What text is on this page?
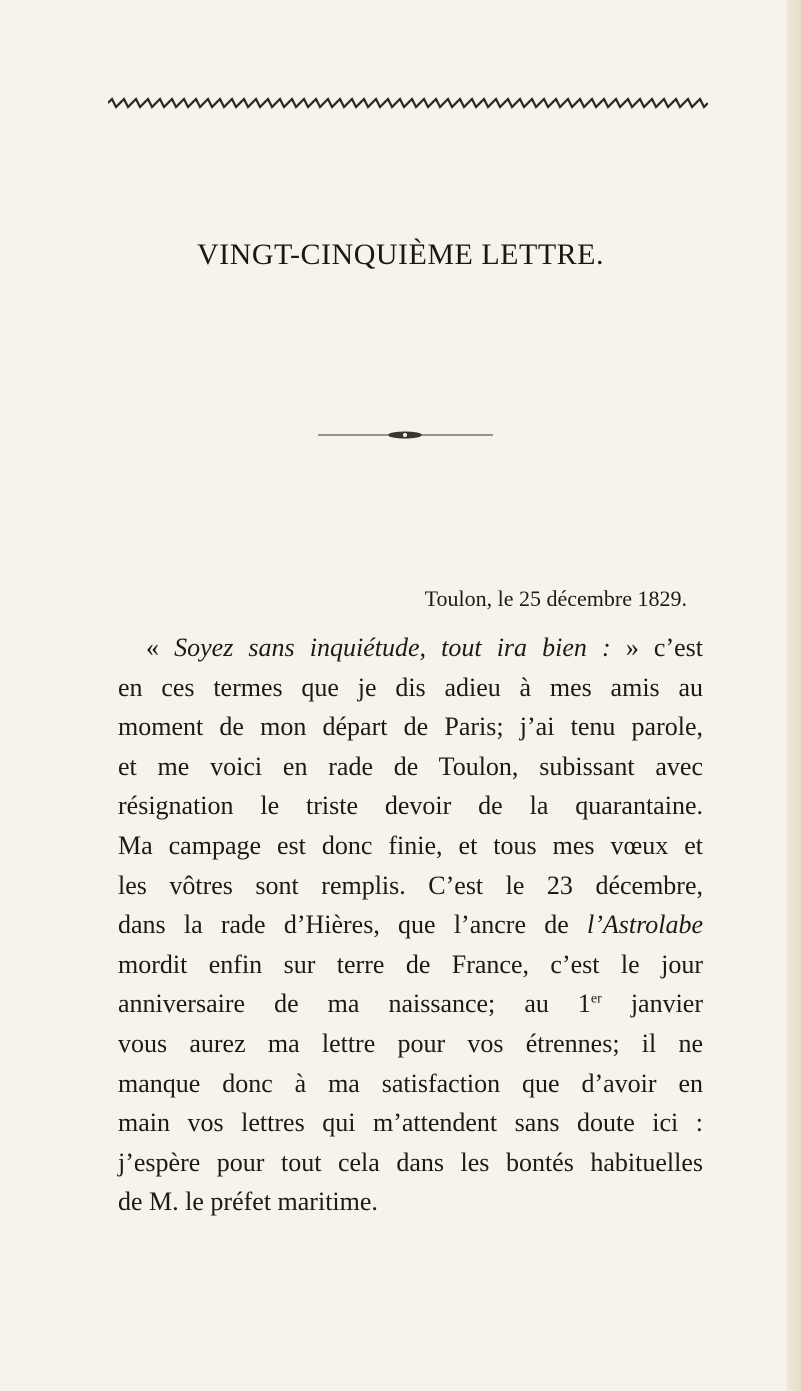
VINGT-CINQUIÈME LETTRE.
Toulon, le 25 décembre 1829.
« Soyez sans inquiétude, tout ira bien : » c’est
en ces termes que je dis adieu à mes amis au
moment de mon départ de Paris; j’ai tenu parole,
et me voici en rade de Toulon, subissant avec
résignation le triste devoir de la quarantaine.
Ma campage est donc finie, et tous mes vœux et
les vôtres sont remplis. C’est le 23 décembre,
dans la rade d’Hières, que l’ancre de l’Astrolabe
mordit enfin sur terre de France, c’est le jour
anniversaire de ma naissance; au 1er janvier
vous aurez ma lettre pour vos étrennes; il ne
manque donc à ma satisfaction que d’avoir en
main vos lettres qui m’attendent sans doute ici :
j’espère pour tout cela dans les bontés habituelles
de M. le préfet maritime.
